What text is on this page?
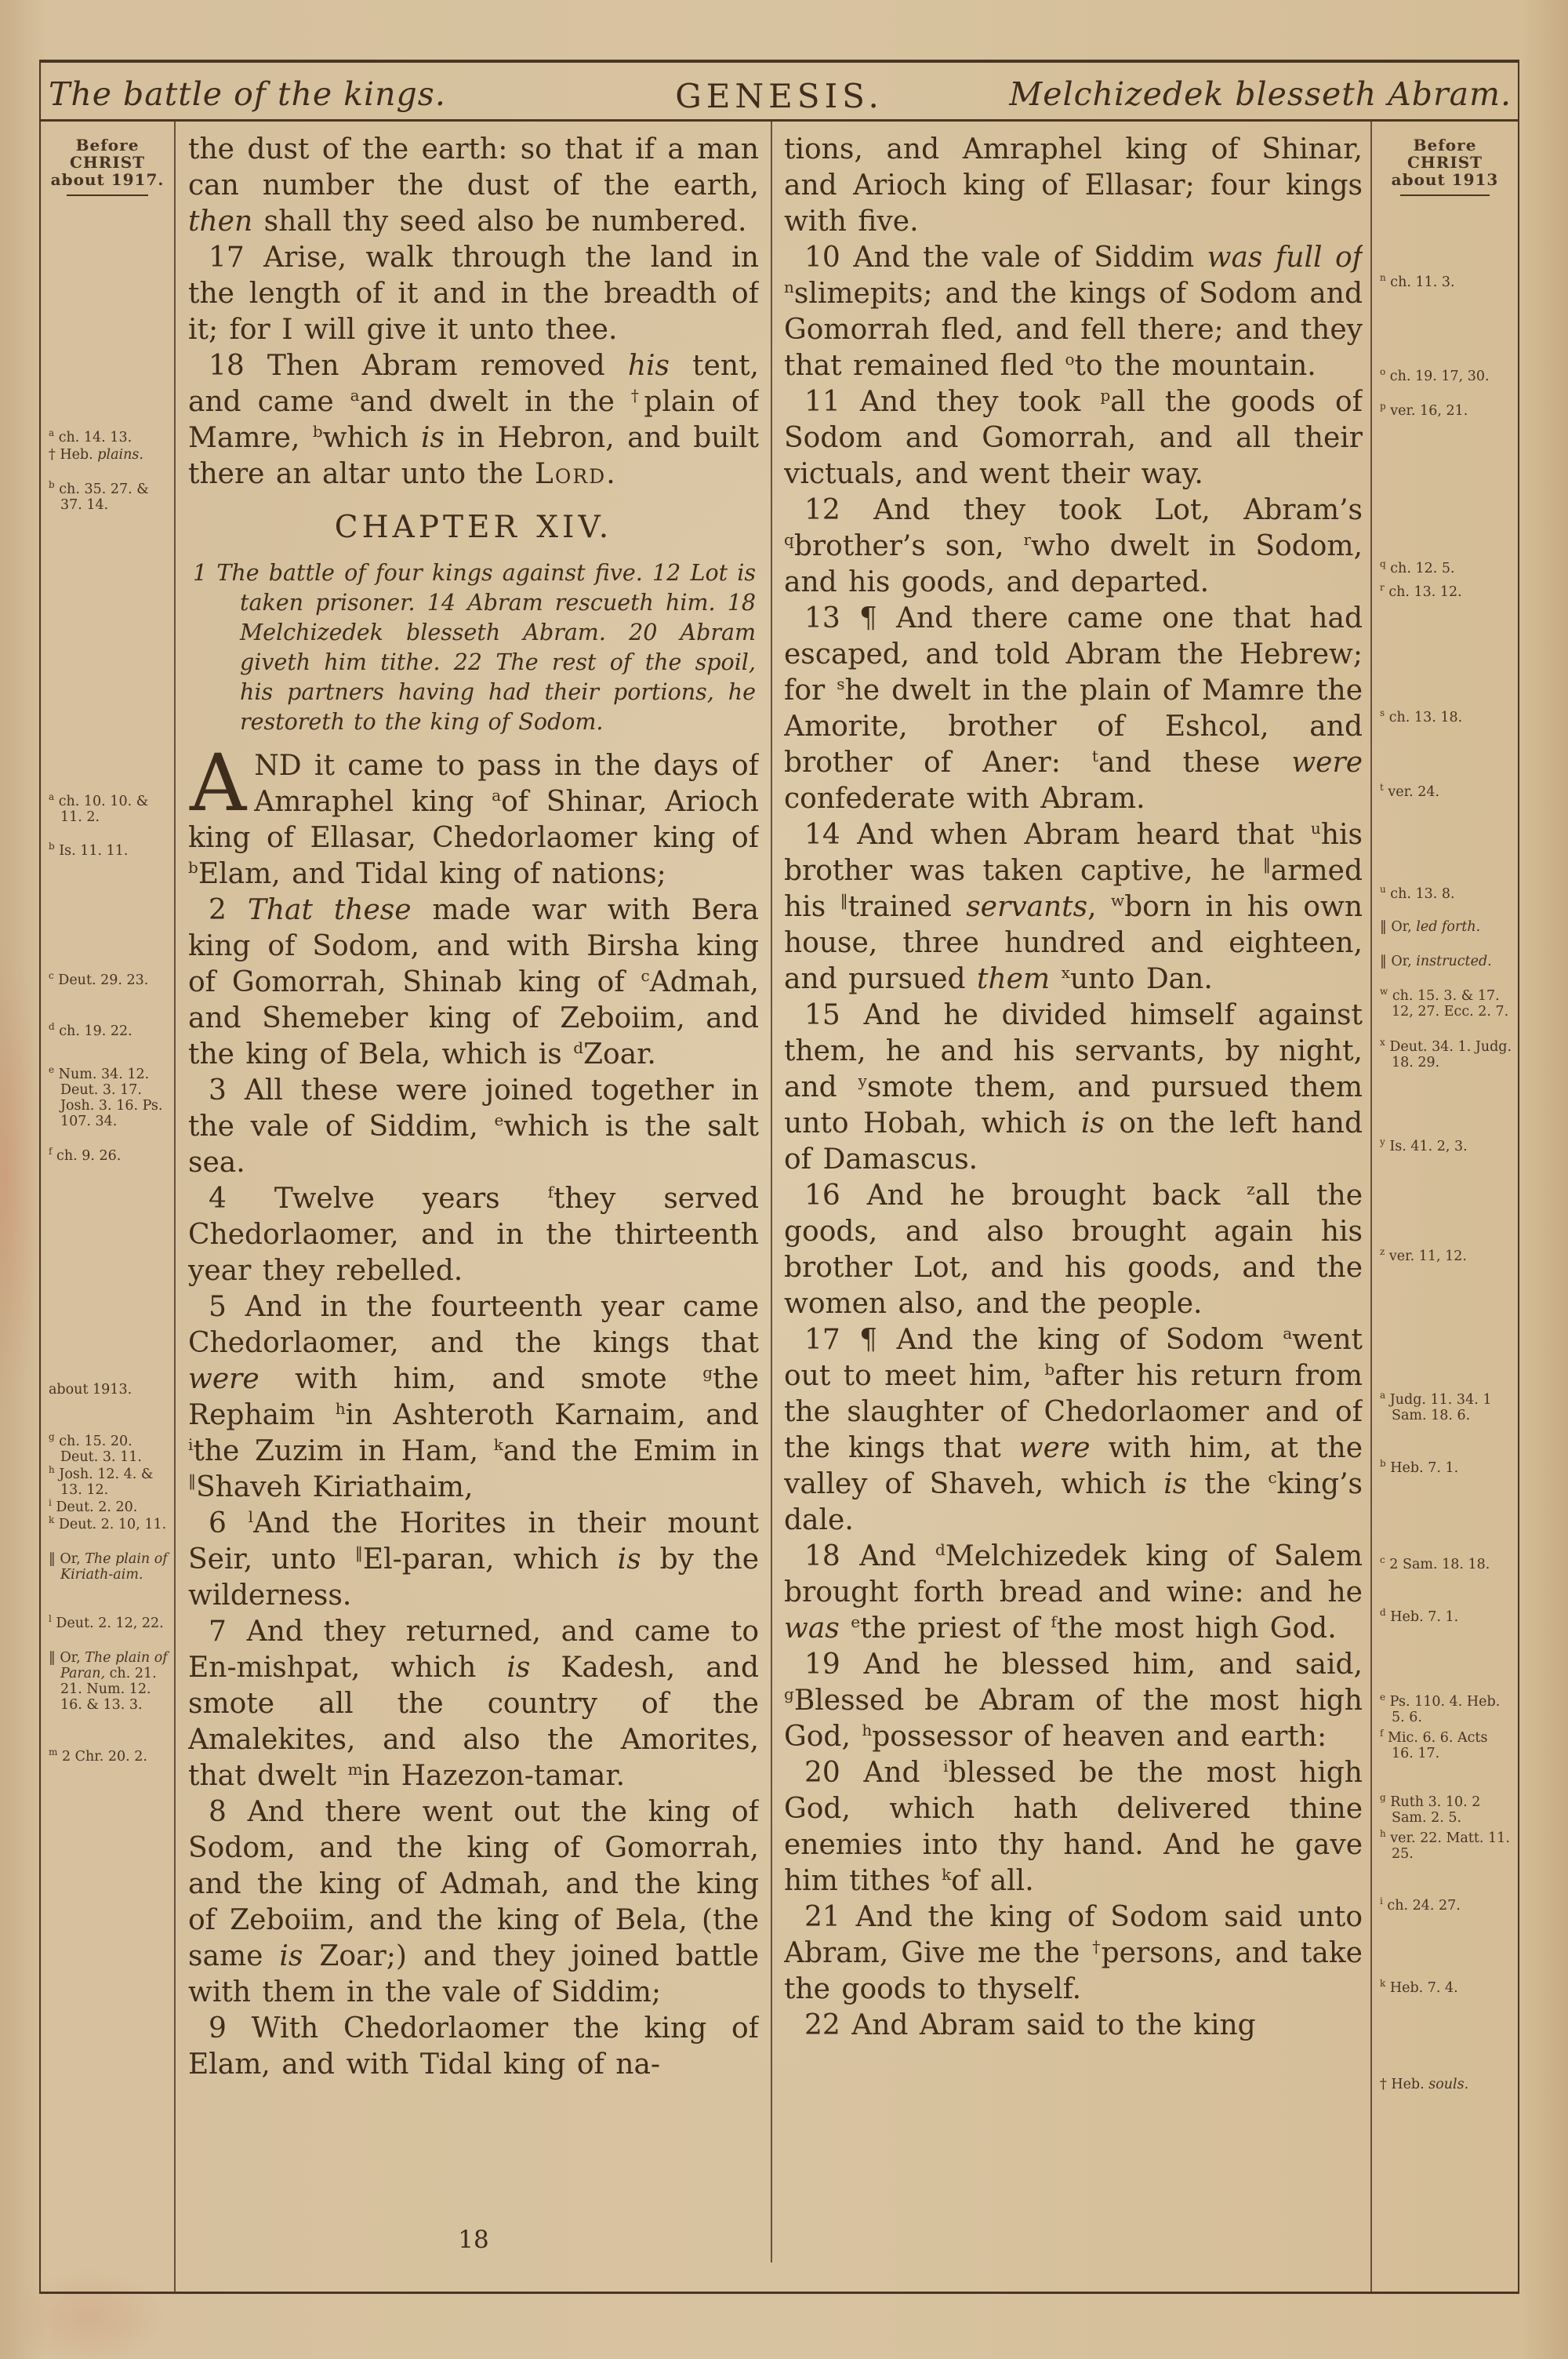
The battle of the kings.	GENESIS.	Melchizedek blesseth Abram.
Before
CHRIST
about 1917.
$^a$ ch. 14. 13.
† Heb. plains.
$^b$ ch. 35. 27. & 37. 14.
$^a$ ch. 10. 10. & 11. 2.
$^b$ Is. 11. 11.
$^c$ Deut. 29. 23.
$^d$ ch. 19. 22.
$^e$ Num. 34. 12. Deut. 3. 17. Josh. 3. 16. Ps. 107. 34.
$^f$ ch. 9. 26.
about 1913.
$^g$ ch. 15. 20. Deut. 3. 11.
$^h$ Josh. 12. 4. & 13. 12.
$^i$ Deut. 2. 20.
$^k$ Deut. 2. 10, 11.
‖ Or, The plain of Kiriath-aim.
$^l$ Deut. 2. 12, 22.
‖ Or, The plain of Paran, ch. 21. 21. Num. 12. 16. & 13. 3.
$^m$ 2 Chr. 20. 2.

the dust of the earth: so that if a man can number the dust of the earth, then shall thy seed also be numbered.

17 Arise, walk through the land in the length of it and in the breadth of it; for I will give it unto thee.

18 Then Abram removed his tent, and came $^a$and dwelt in the †plain of Mamre, $^b$which is in Hebron, and built there an altar unto the Lord.

CHAPTER XIV.

1 The battle of four kings against five. 12 Lot is taken prisoner. 14 Abram rescueth him. 18 Melchizedek blesseth Abram. 20 Abram giveth him tithe. 22 The rest of the spoil, his partners having had their portions, he restoreth to the king of Sodom.

AND it came to pass in the days of Amraphel king $^a$of Shinar, Arioch king of Ellasar, Chedorlaomer king of $^b$Elam, and Tidal king of nations;

2 That these made war with Bera king of Sodom, and with Birsha king of Gomorrah, Shinab king of $^c$Admah, and Shemeber king of Zeboiim, and the king of Bela, which is $^d$Zoar.

3 All these were joined together in the vale of Siddim, $^e$which is the salt sea.

4 Twelve years $^f$they served Chedorlaomer, and in the thirteenth year they rebelled.

5 And in the fourteenth year came Chedorlaomer, and the kings that were with him, and smote $^g$the Rephaim $^h$in Ashteroth Karnaim, and $^i$the Zuzim in Ham, $^k$and the Emim in ‖Shaveh Kiriathaim,

6 $^l$And the Horites in their mount Seir, unto ‖El-paran, which is by the wilderness.

7 And they returned, and came to En-mishpat, which is Kadesh, and smote all the country of the Amalekites, and also the Amorites, that dwelt $^m$in Hazezon-tamar.

8 And there went out the king of Sodom, and the king of Gomorrah, and the king of Admah, and the king of Zeboiim, and the king of Bela, (the same is Zoar;) and they joined battle with them in the vale of Siddim;

9 With Chedorlaomer the king of Elam, and with Tidal king of na-

tions, and Amraphel king of Shinar, and Arioch king of Ellasar; four kings with five.

10 And the vale of Siddim was full of $^n$slimepits; and the kings of Sodom and Gomorrah fled, and fell there; and they that remained fled $^o$to the mountain.

11 And they took $^p$all the goods of Sodom and Gomorrah, and all their victuals, and went their way.

12 And they took Lot, Abram’s $^q$brother’s son, $^r$who dwelt in Sodom, and his goods, and departed.

13 ¶ And there came one that had escaped, and told Abram the Hebrew; for $^s$he dwelt in the plain of Mamre the Amorite, brother of Eshcol, and brother of Aner: $^t$and these were confederate with Abram.

14 And when Abram heard that $^u$his brother was taken captive, he ‖armed his ‖trained servants, $^w$born in his own house, three hundred and eighteen, and pursued them $^x$unto Dan.

15 And he divided himself against them, he and his servants, by night, and $^y$smote them, and pursued them unto Hobah, which is on the left hand of Damascus.

16 And he brought back $^z$all the goods, and also brought again his brother Lot, and his goods, and the women also, and the people.

17 ¶ And the king of Sodom $^a$went out to meet him, $^b$after his return from the slaughter of Chedorlaomer and of the kings that were with him, at the valley of Shaveh, which is the $^c$king’s dale.

18 And $^d$Melchizedek king of Salem brought forth bread and wine: and he was $^e$the priest of $^f$the most high God.

19 And he blessed him, and said, $^g$Blessed be Abram of the most high God, $^h$possessor of heaven and earth:

20 And $^i$blessed be the most high God, which hath delivered thine enemies into thy hand. And he gave him tithes $^k$of all.

21 And the king of Sodom said unto Abram, Give me the †persons, and take the goods to thyself.

22 And Abram said to the king

Before
CHRIST
about 1913
$^n$ ch. 11. 3.
$^o$ ch. 19. 17, 30.
$^p$ ver. 16, 21.
$^q$ ch. 12. 5.
$^r$ ch. 13. 12.
$^s$ ch. 13. 18.
$^t$ ver. 24.
$^u$ ch. 13. 8.
‖ Or, led forth.
‖ Or, instructed.
$^w$ ch. 15. 3. & 17. 12, 27. Ecc. 2. 7.
$^x$ Deut. 34. 1. Judg. 18. 29.
$^y$ Is. 41. 2, 3.
$^z$ ver. 11, 12.
$^a$ Judg. 11. 34. 1 Sam. 18. 6.
$^b$ Heb. 7. 1.
$^c$ 2 Sam. 18. 18.
$^d$ Heb. 7. 1.
$^e$ Ps. 110. 4. Heb. 5. 6.
$^f$ Mic. 6. 6. Acts 16. 17.
$^g$ Ruth 3. 10. 2 Sam. 2. 5.
$^h$ ver. 22. Matt. 11. 25.
$^i$ ch. 24. 27.
$^k$ Heb. 7. 4.
† Heb. souls.
18
